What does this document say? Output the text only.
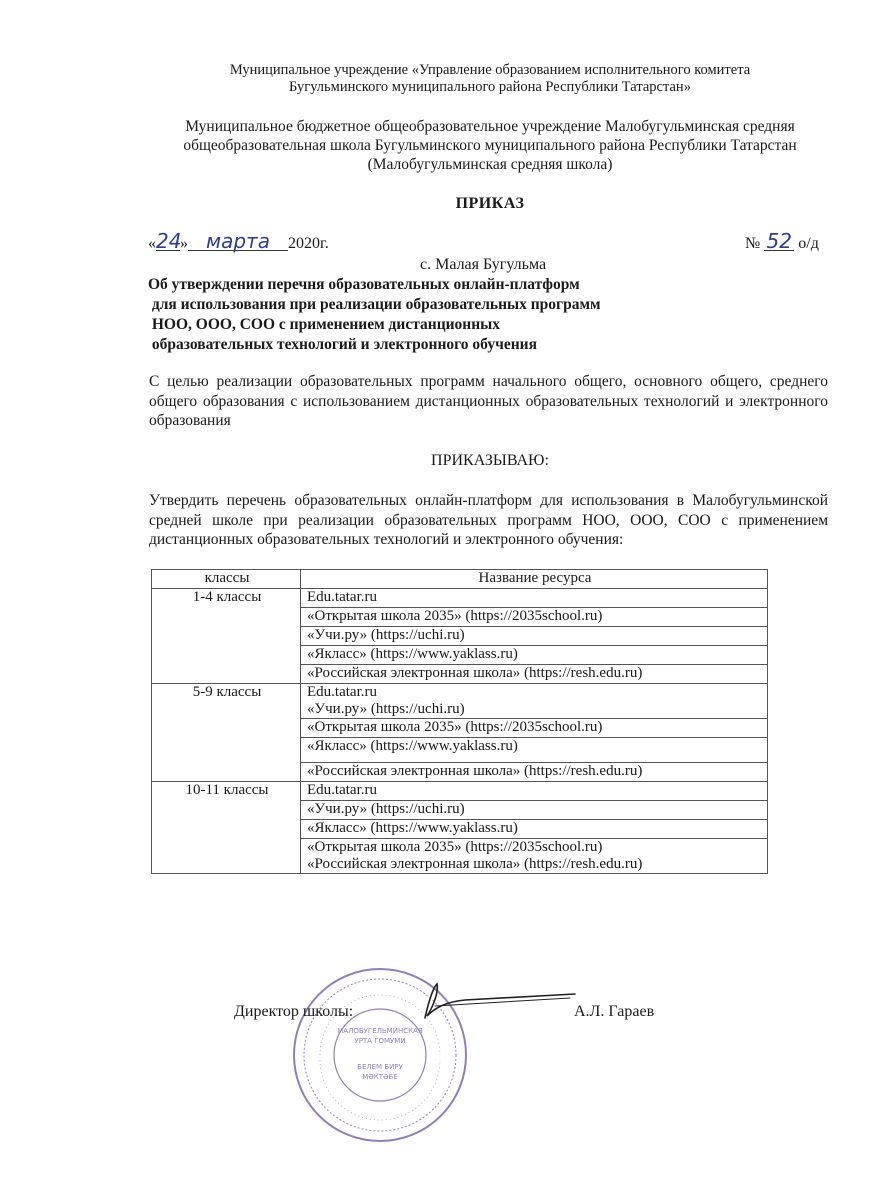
Муниципальное учреждение «Управление образованием исполнительного комитета
Бугульминского муниципального района Республики Татарстан»
Муниципальное бюджетное общеобразовательное учреждение Малобугульминская средняя
общеобразовательная школа Бугульминского муниципального района Республики Татарстан
(Малобугульминская средняя школа)
ПРИКАЗ
«24» марта 2020г.	№ 52 о/д
с. Малая Бугульма
Об утверждении перечня образовательных онлайн-платформ
для использования при реализации образовательных программ
НОО, ООО, СОО с применением дистанционных
образовательных технологий и электронного обучения
С целью реализации образовательных программ начального общего, основного общего, среднего общего образования с использованием дистанционных образовательных технологий и электронного образования
ПРИКАЗЫВАЮ:
Утвердить перечень образовательных онлайн-платформ для использования в Малобугульминской средней школе при реализации образовательных программ НОО, ООО, СОО с применением дистанционных образовательных технологий и электронного обучения:
классы	Название ресурса
1-4 классы	Edu.tatar.ru
	«Открытая школа 2035» (https://2035school.ru)
	«Учи.ру» (https://uchi.ru)
	«Якласс» (https://www.yaklass.ru)
	«Российская электронная школа» (https://resh.edu.ru)
5-9 классы	Edu.tatar.ru
«Учи.ру» (https://uchi.ru)
	«Открытая школа 2035» (https://2035school.ru)
	«Якласс» (https://www.yaklass.ru)
	«Российская электронная школа» (https://resh.edu.ru)
10-11 классы	Edu.tatar.ru
	«Учи.ру» (https://uchi.ru)
	«Якласс» (https://www.yaklass.ru)
	«Открытая школа 2035» (https://2035school.ru)
«Российская электронная школа» (https://resh.edu.ru)
МАЛОБУГЕЛЬМИНСКАЯ
УРТА ГОМУМИ
БЕЛЕМ БИРУ
МӘКТӘБЕ
Директор школы:	А.Л. Гараев
